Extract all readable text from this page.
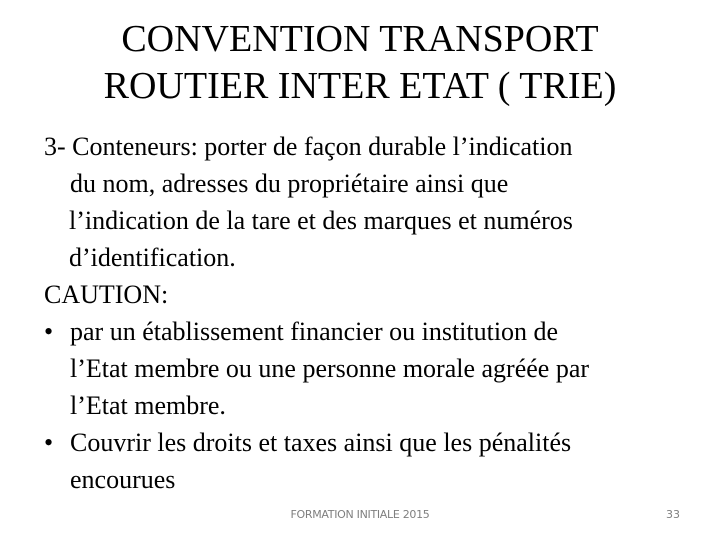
CONVENTION TRANSPORT
ROUTIER INTER ETAT ( TRIE)

3- Conteneurs: porter de façon durable l’indication
du nom, adresses du propriétaire ainsi que
l’indication de la tare et des marques et numéros
d’identification.

CAUTION:

• par un établissement financier ou institution de
l’Etat membre ou une personne morale agréée par
l’Etat membre.
• Couvrir les droits et taxes ainsi que les pénalités
encourues
FORMATION INITIALE 2015	33
